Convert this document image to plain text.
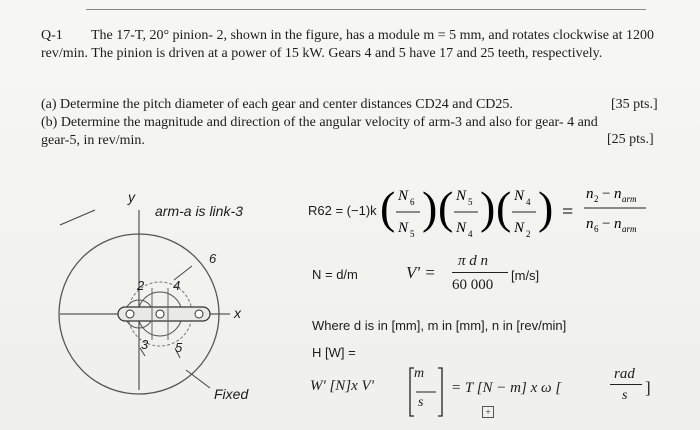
Q-1 The 17-T, 20° pinion- 2, shown in the figure, has a module m = 5 mm, and rotates clockwise at 1200 rev/min. The pinion is driven at a power of 15 kW. Gears 4 and 5 have 17 and 25 teeth, respectively.
(a) Determine the pitch diameter of each gear and center distances CD24 and CD25.	[35 pts.]
(b) Determine the magnitude and direction of the angular velocity of arm-3 and also for gear- 4 and gear-5, in rev/min.	[25 pts.]
y
x
arm-a is link-3
Fixed
2 4
6
3 5
R62 = (−1)k ( N 6
N 5
) ( N 5
N 4
) ( N 4
N 2
) =
n 2 − n arm
n 6 − n arm
N = d/m	V' =
π d n
60 000
[m/s]
Where d is in [mm], m in [mm], n in [rev/min]
H [W] =
W' [N]x V'
m
s
= T [N − m] x ω [
rad
s ]
+
